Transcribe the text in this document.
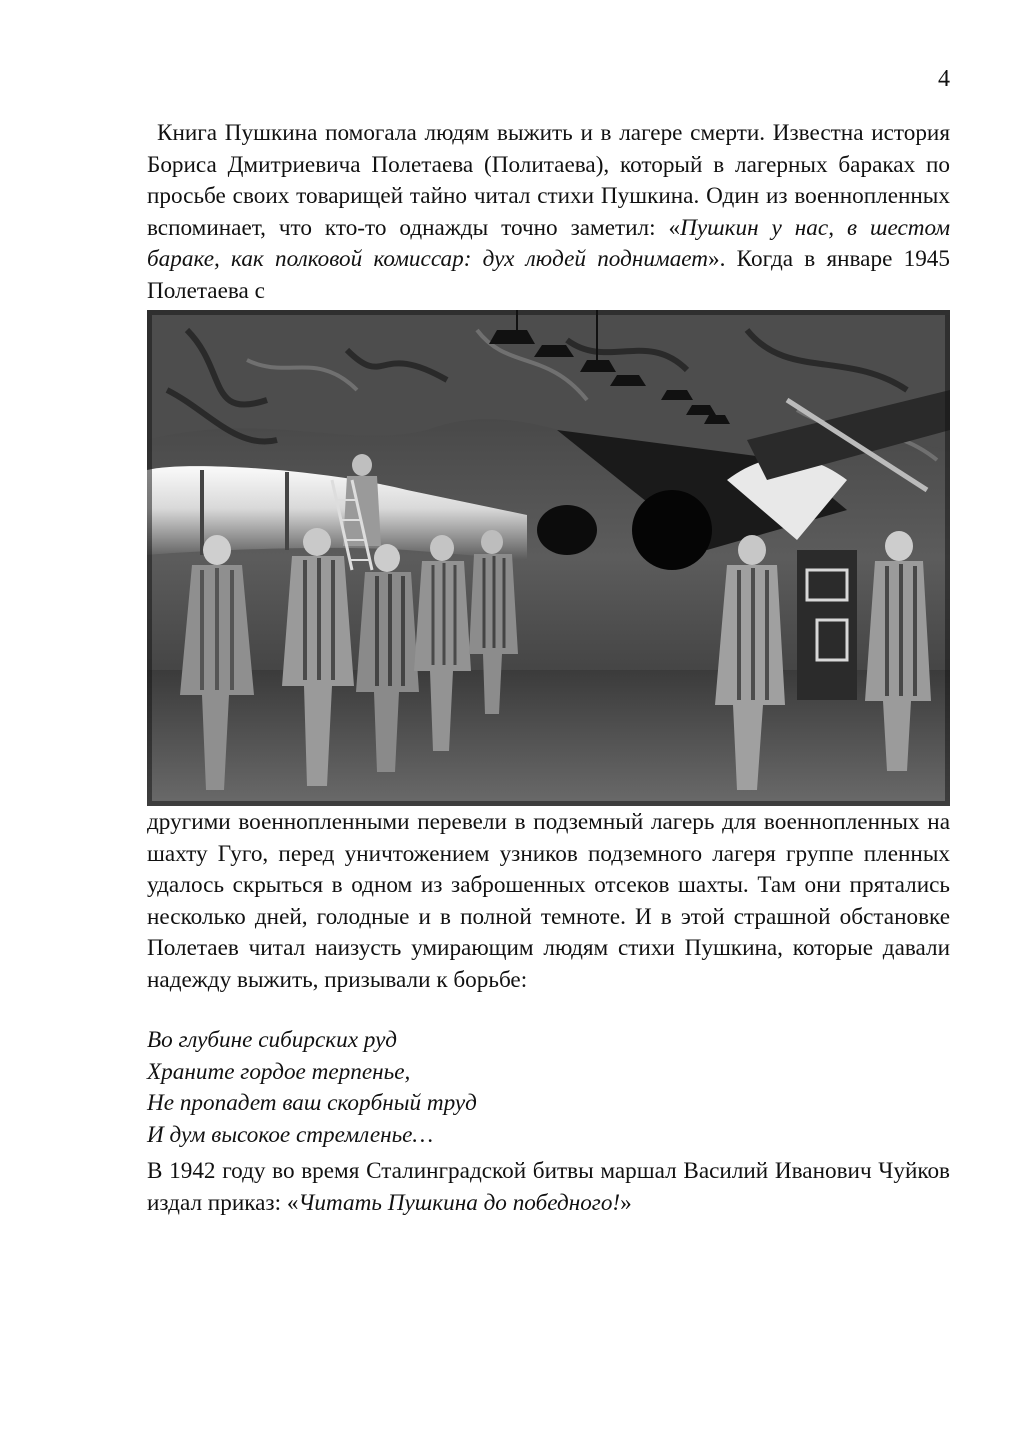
4

Книга Пушкина помогала людям выжить и в лагере смерти. Известна история Бориса Дмитриевича Полетаева (Политаева), который в лагерных бараках по просьбе своих товарищей тайно читал стихи Пушкина. Один из военнопленных вспоминает, что кто-то однажды точно заметил: «Пушкин у нас, в шестом бараке, как полковой комиссар: дух людей поднимает». Когда в январе 1945 Полетаева с

другими военнопленными перевели в подземный лагерь для военнопленных на шахту Гуго, перед уничтожением узников подземного лагеря группе пленных удалось скрыться в одном из заброшенных отсеков шахты. Там они прятались несколько дней, голодные и в полной темноте. И в этой страшной обстановке Полетаев читал наизусть умирающим людям стихи Пушкина, которые давали надежду выжить, призывали к борьбе:

Во глубине сибирских руд
Храните гордое терпенье,
Не пропадет ваш скорбный труд
И дум высокое стремленье…

В 1942 году во время Сталинградской битвы маршал Василий Иванович Чуйков издал приказ: «Читать Пушкина до победного!»
